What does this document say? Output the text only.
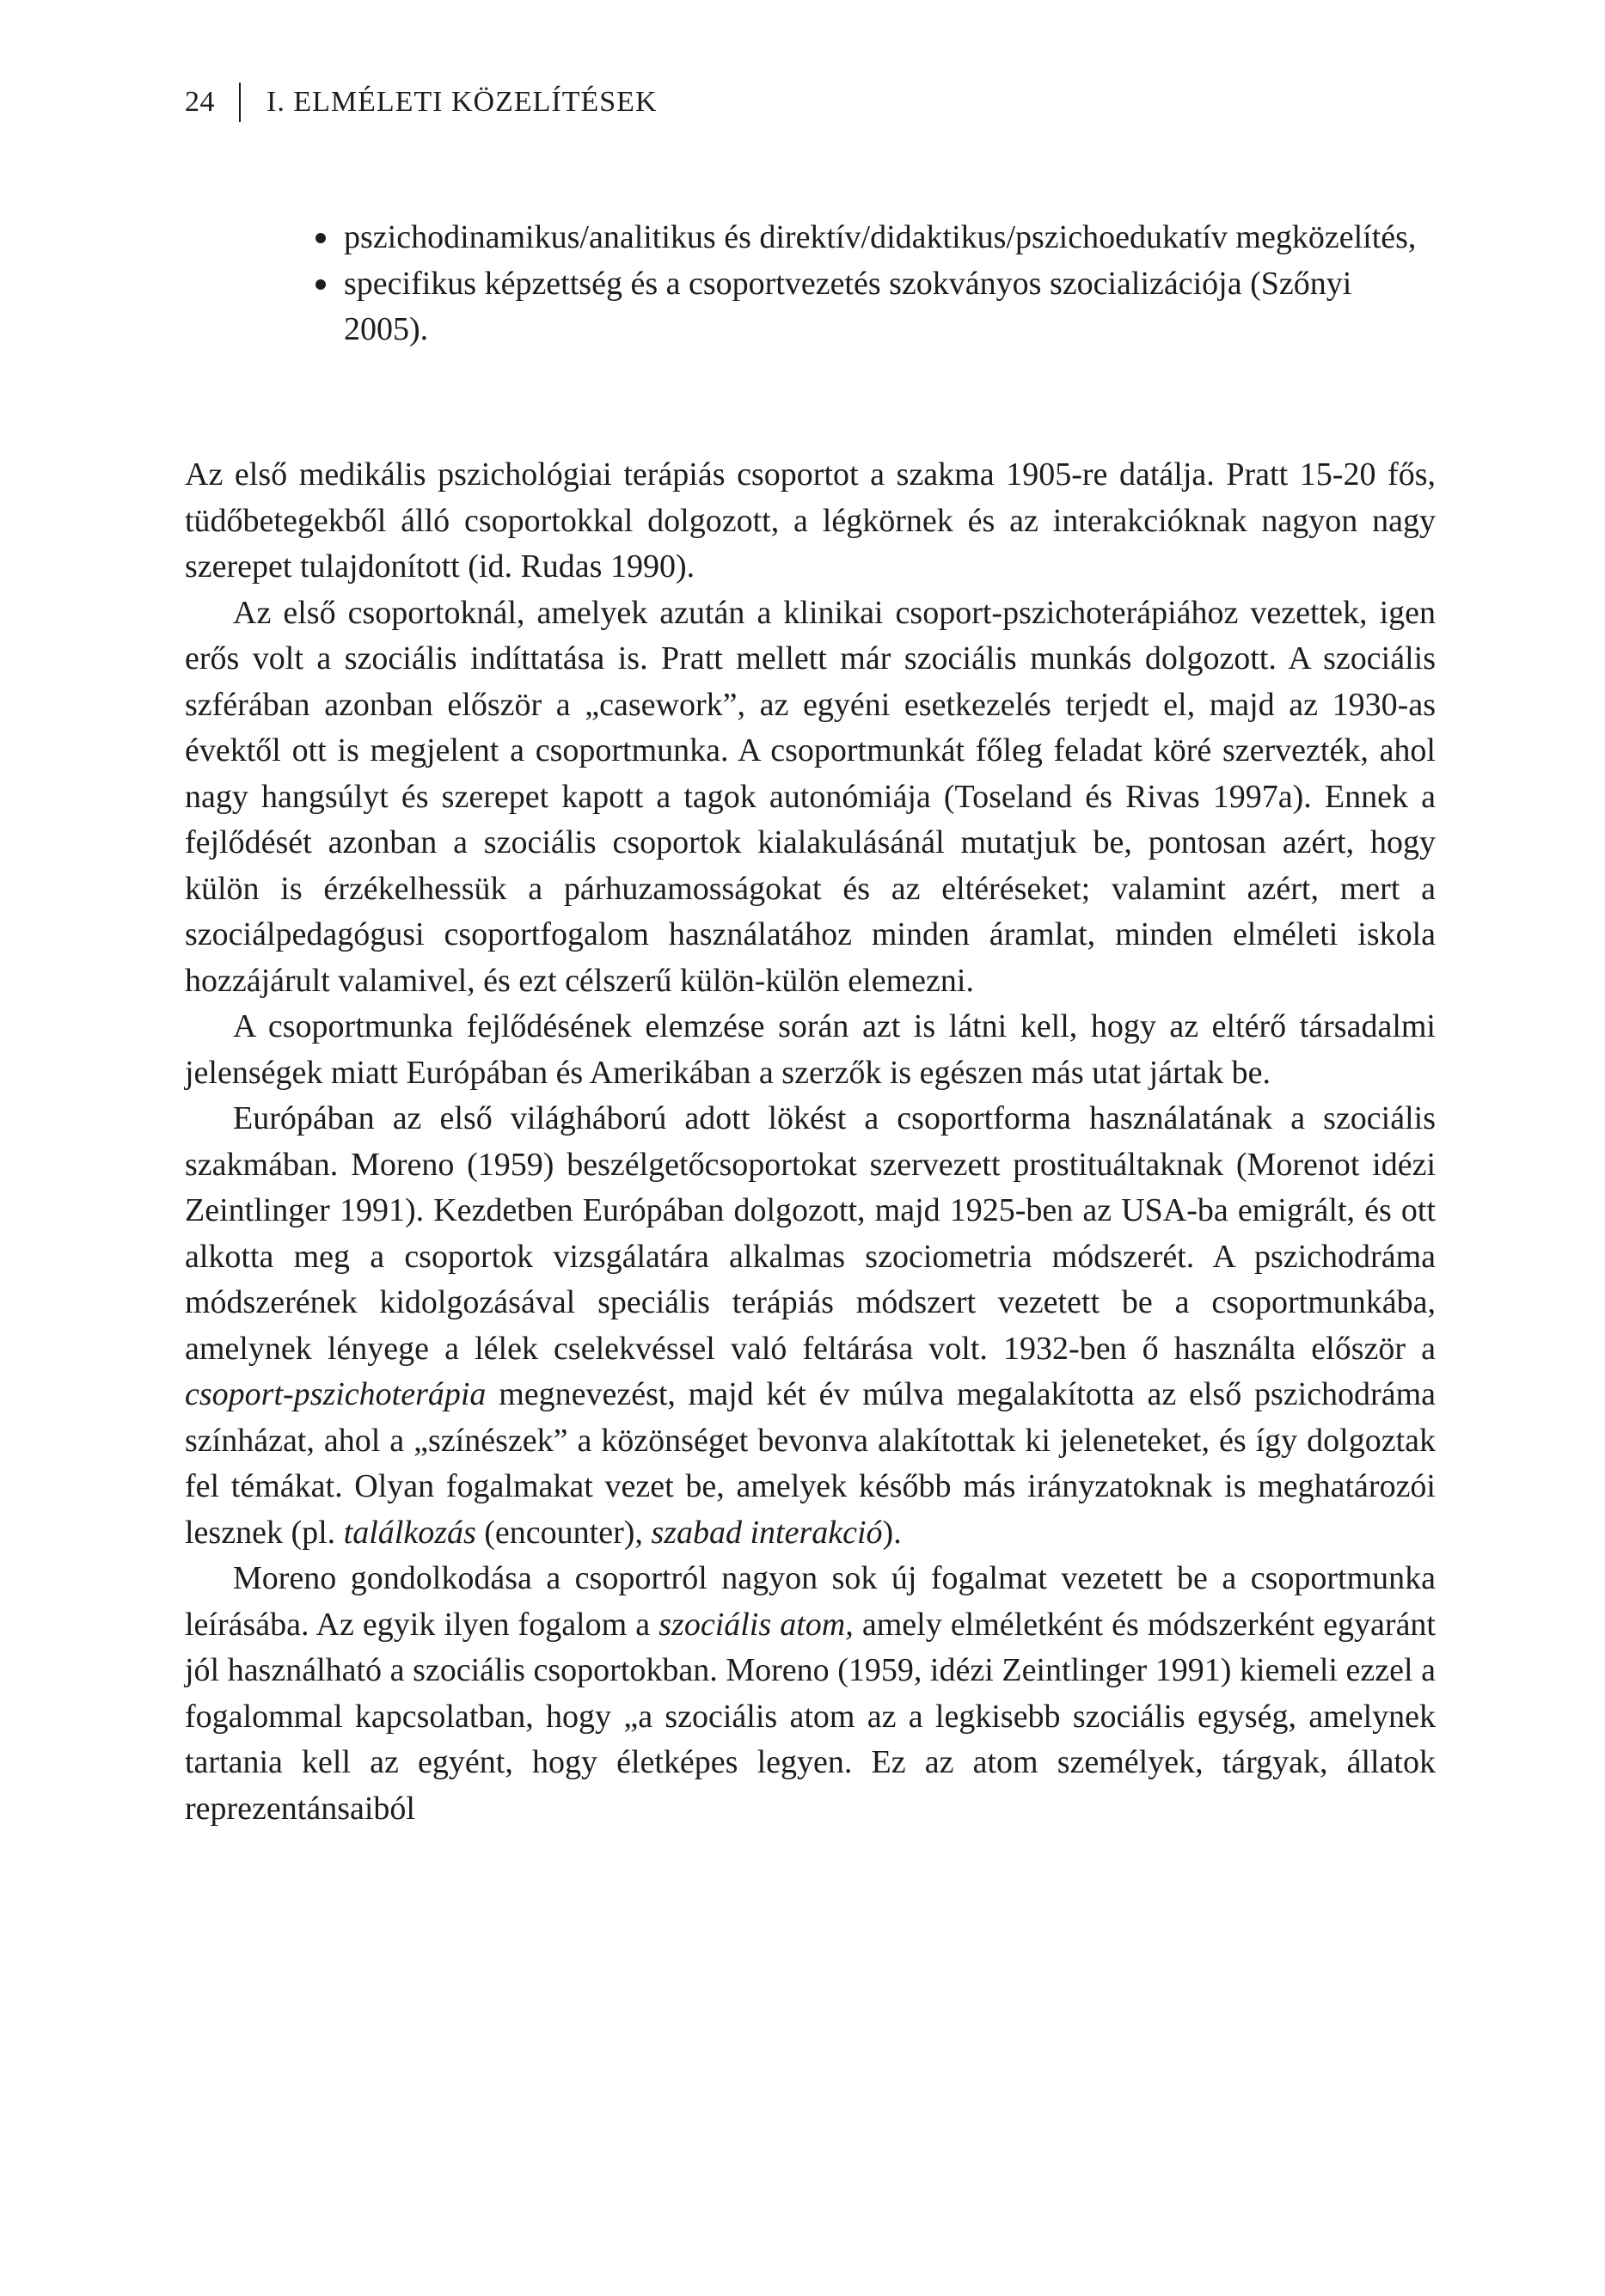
24 I. ELMÉLETI KÖZELÍTÉSEK
pszichodinamikus/analitikus és direktív/didaktikus/pszichoedukatív megközelítés,
specifikus képzettség és a csoportvezetés szokványos szocializációja (Szőnyi 2005).

Az első medikális pszichológiai terápiás csoportot a szakma 1905-re datálja. Pratt 15-20 fős, tüdőbetegekből álló csoportokkal dolgozott, a légkörnek és az interakcióknak nagyon nagy szerepet tulajdonított (id. Rudas 1990).

Az első csoportoknál, amelyek azután a klinikai csoport-pszichoterápiához vezettek, igen erős volt a szociális indíttatása is. Pratt mellett már szociális munkás dolgozott. A szociális szférában azonban először a „casework”, az egyéni esetkezelés terjedt el, majd az 1930-as évektől ott is megjelent a csoportmunka. A csoportmunkát főleg feladat köré szervezték, ahol nagy hangsúlyt és szerepet kapott a tagok autonómiája (Toseland és Rivas 1997a). Ennek a fejlődését azonban a szociális csoportok kialakulásánál mutatjuk be, pontosan azért, hogy külön is érzékelhessük a párhuzamosságokat és az eltéréseket; valamint azért, mert a szociálpedagógusi csoportfogalom használatához minden áramlat, minden elméleti iskola hozzájárult valamivel, és ezt célszerű külön-külön elemezni.

A csoportmunka fejlődésének elemzése során azt is látni kell, hogy az eltérő társadalmi jelenségek miatt Európában és Amerikában a szerzők is egészen más utat jártak be.

Európában az első világháború adott lökést a csoportforma használatának a szociális szakmában. Moreno (1959) beszélgetőcsoportokat szervezett prostituáltaknak (Morenot idézi Zeintlinger 1991). Kezdetben Európában dolgozott, majd 1925-ben az USA-ba emigrált, és ott alkotta meg a csoportok vizsgálatára alkalmas szociometria módszerét. A pszichodráma módszerének kidolgozásával speciális terápiás módszert vezetett be a csoportmunkába, amelynek lényege a lélek cselekvéssel való feltárása volt. 1932-ben ő használta először a csoport-pszichoterápia megnevezést, majd két év múlva megalakította az első pszichodráma színházat, ahol a „színészek” a közönséget bevonva alakítottak ki jeleneteket, és így dolgoztak fel témákat. Olyan fogalmakat vezet be, amelyek később más irányzatoknak is meghatározói lesznek (pl. találkozás (encounter), szabad interakció).

Moreno gondolkodása a csoportról nagyon sok új fogalmat vezetett be a csoportmunka leírásába. Az egyik ilyen fogalom a szociális atom, amely elméletként és módszerként egyaránt jól használható a szociális csoportokban. Moreno (1959, idézi Zeintlinger 1991) kiemeli ezzel a fogalommal kapcsolatban, hogy „a szociális atom az a legkisebb szociális egység, amelynek tartania kell az egyént, hogy életképes legyen. Ez az atom személyek, tárgyak, állatok reprezentánsaiból
